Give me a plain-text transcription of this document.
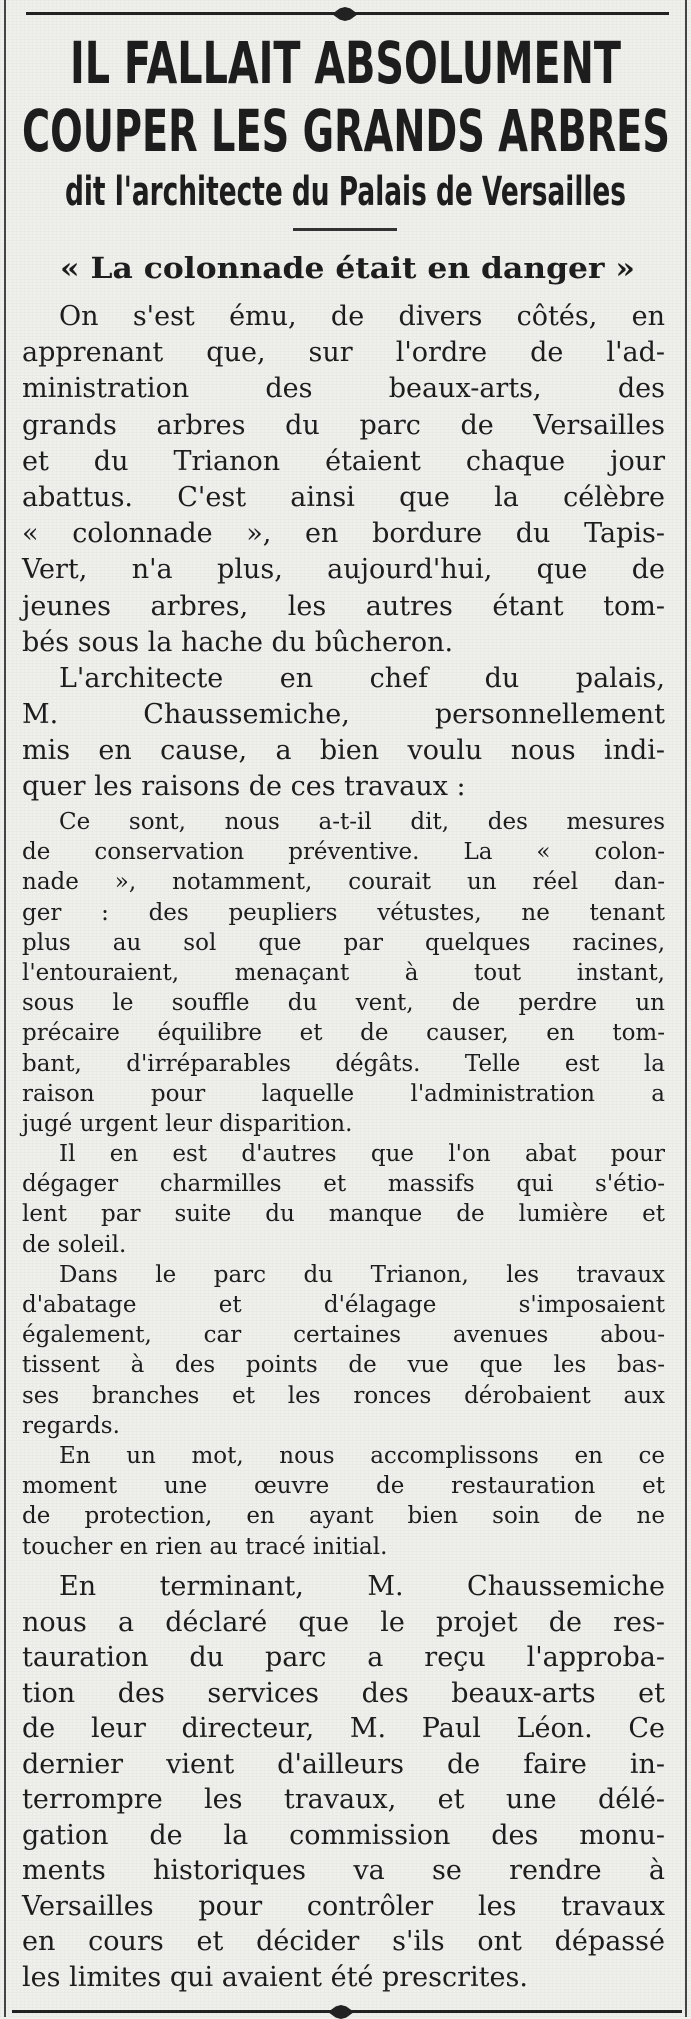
IL FALLAIT ABSOLUMENT
COUPER LES GRANDS ARBRES
dit l'architecte du Palais de Versailles
« La colonnade était en danger »
On s'est ému, de divers côtés, en
apprenant que, sur l'ordre de l'ad-
ministration des beaux-arts, des
grands arbres du parc de Versailles
et du Trianon étaient chaque jour
abattus. C'est ainsi que la célèbre
« colonnade », en bordure du Tapis-
Vert, n'a plus, aujourd'hui, que de
jeunes arbres, les autres étant tom-
bés sous la hache du bûcheron.
L'architecte en chef du palais,
M. Chaussemiche, personnellement
mis en cause, a bien voulu nous indi-
quer les raisons de ces travaux :
Ce sont, nous a-t-il dit, des mesures
de conservation préventive. La « colon-
nade », notamment, courait un réel dan-
ger : des peupliers vétustes, ne tenant
plus au sol que par quelques racines,
l'entouraient, menaçant à tout instant,
sous le souffle du vent, de perdre un
précaire équilibre et de causer, en tom-
bant, d'irréparables dégâts. Telle est la
raison pour laquelle l'administration a
jugé urgent leur disparition.
Il en est d'autres que l'on abat pour
dégager charmilles et massifs qui s'étio-
lent par suite du manque de lumière et
de soleil.
Dans le parc du Trianon, les travaux
d'abatage et d'élagage s'imposaient
également, car certaines avenues abou-
tissent à des points de vue que les bas-
ses branches et les ronces dérobaient aux
regards.
En un mot, nous accomplissons en ce
moment une œuvre de restauration et
de protection, en ayant bien soin de ne
toucher en rien au tracé initial.
En terminant, M. Chaussemiche
nous a déclaré que le projet de res-
tauration du parc a reçu l'approba-
tion des services des beaux-arts et
de leur directeur, M. Paul Léon. Ce
dernier vient d'ailleurs de faire in-
terrompre les travaux, et une délé-
gation de la commission des monu-
ments historiques va se rendre à
Versailles pour contrôler les travaux
en cours et décider s'ils ont dépassé
les limites qui avaient été prescrites.
